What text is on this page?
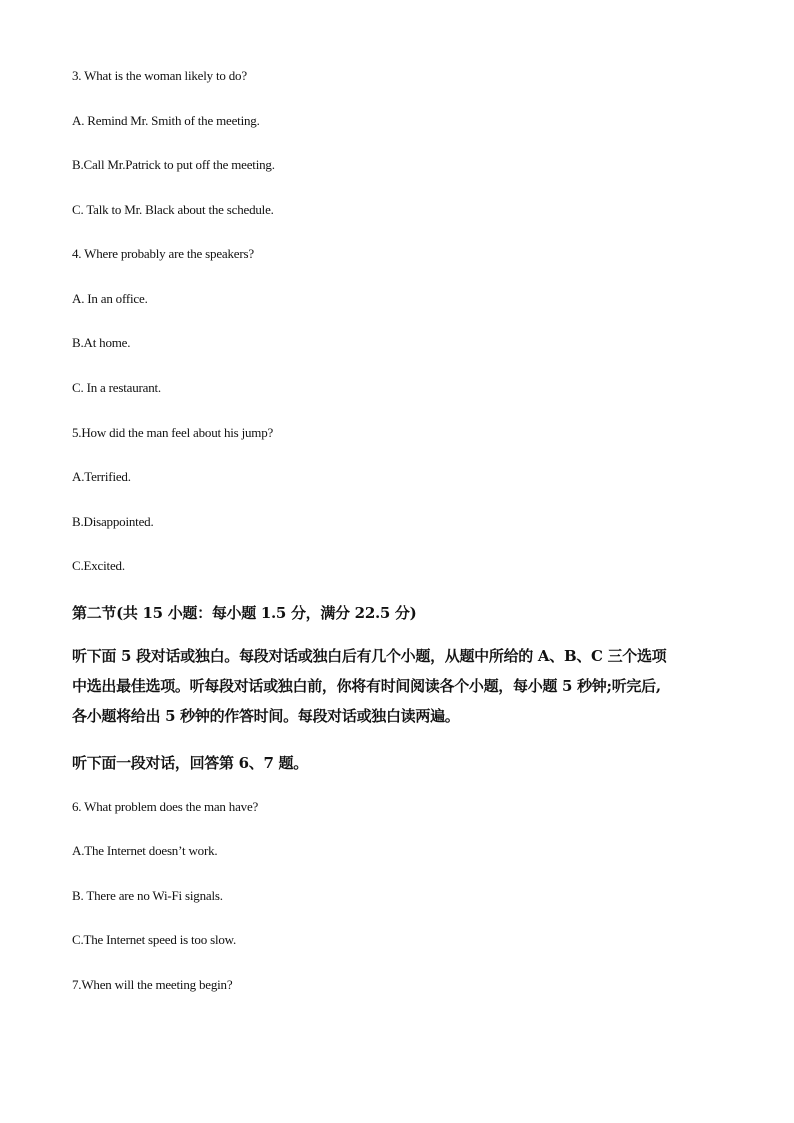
3. What is the woman likely to do?
A. Remind Mr. Smith of the meeting.
B.Call Mr.Patrick to put off the meeting.
C. Talk to Mr. Black about the schedule.
4. Where probably are the speakers?
A. In an office.
B.At home.
C. In a restaurant.
5.How did the man feel about his jump?
A.Terrified.
B.Disappointed.
C.Excited.
第二节(共 15 小题：每小题 1.5 分，满分 22.5 分)
听下面 5 段对话或独白。每段对话或独白后有几个小题，从题中所给的 A、B、C 三个选项
中选出最佳选项。听每段对话或独白前，你将有时间阅读各个小题，每小题 5 秒钟;听完后,
各小题将给出 5 秒钟的作答时间。每段对话或独白读两遍。
听下面一段对话，回答第 6、7 题。
6. What problem does the man have?
A.The Internet doesn’t work.
B. There are no Wi-Fi signals.
C.The Internet speed is too slow.
7.When will the meeting begin?
